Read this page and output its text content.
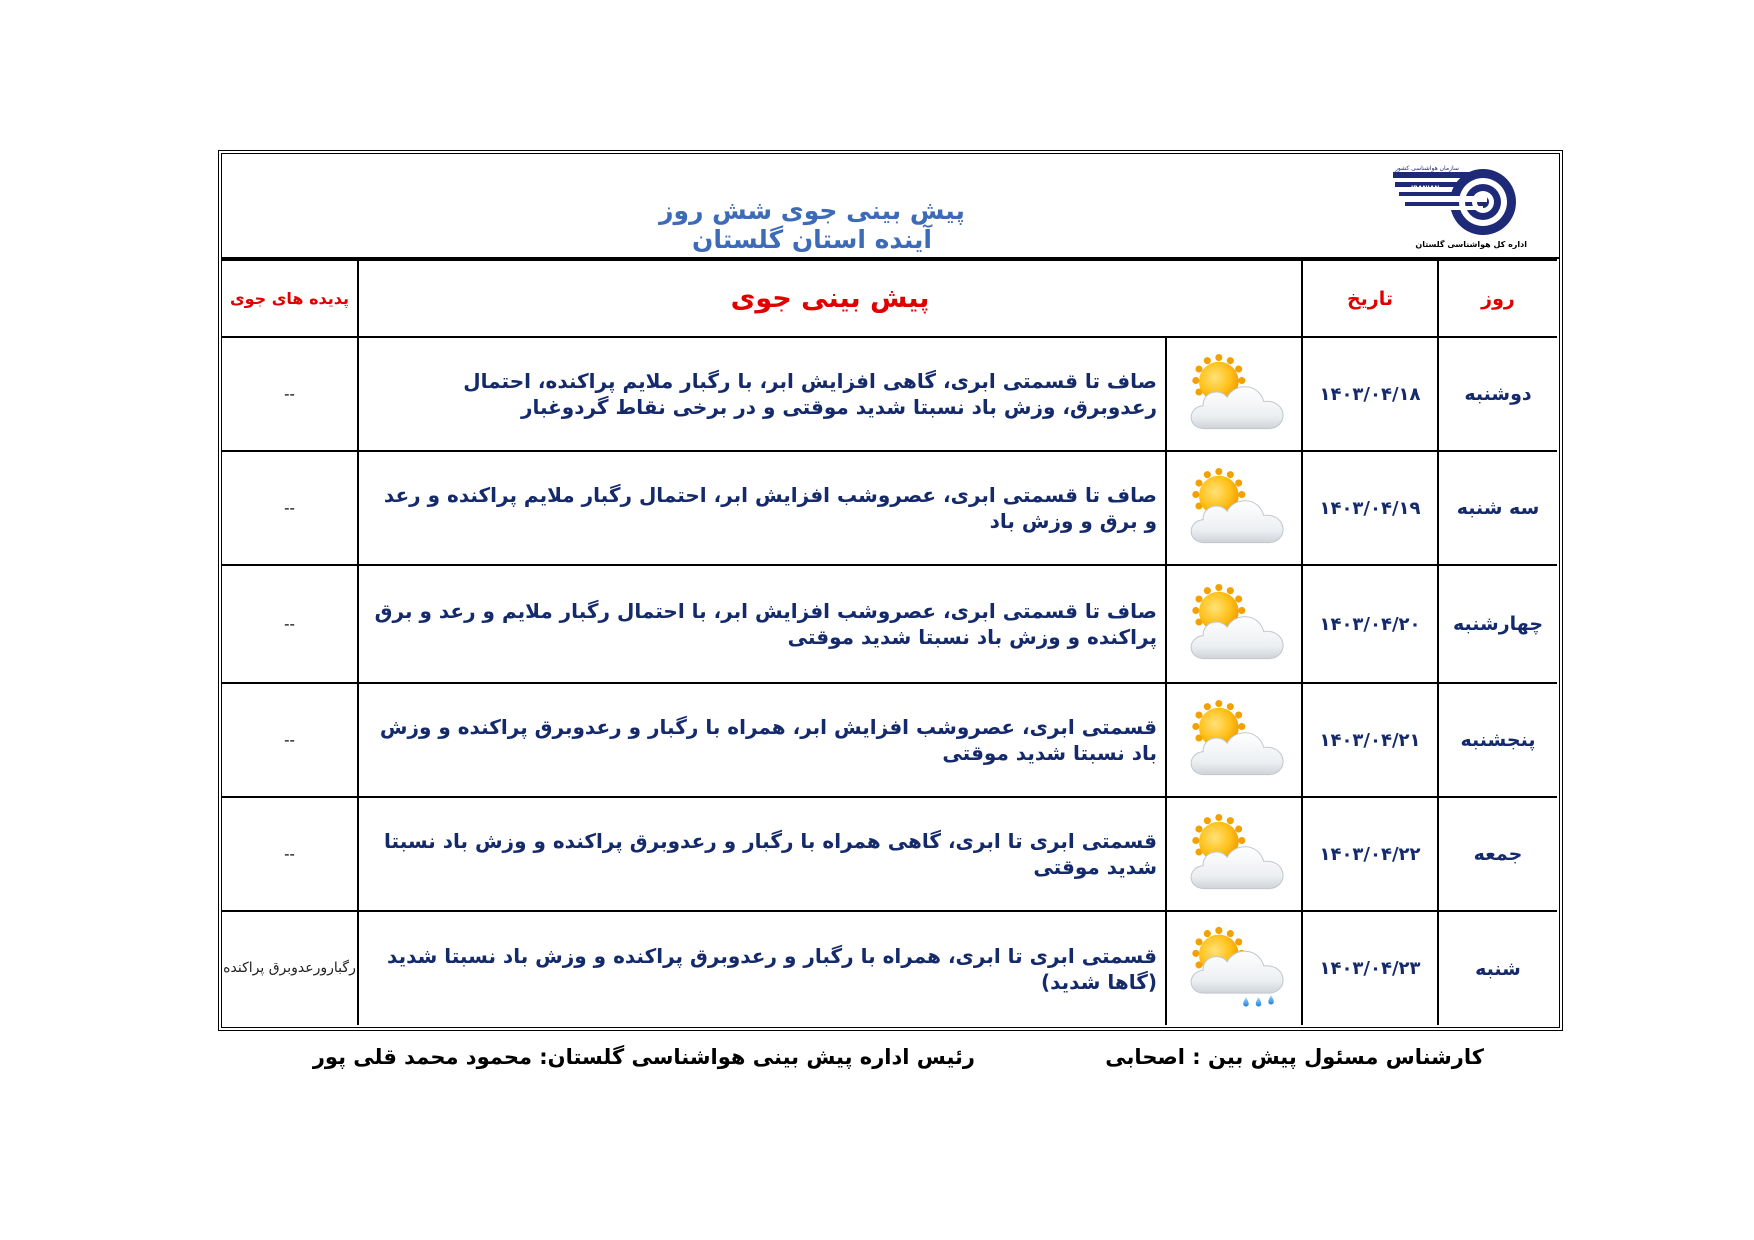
پیش بینی جوی شش روز آینده استان گلستان
سازمان هواشناسی کشور
IRANIAN
METEOROLOGICAL
ORGANIZATION
اداره کل هواشناسی گلستان
پدیده های جوی	پیش بینی جوی		تاریخ	روز
--	صاف تا قسمتی ابری، گاهی افزایش ابر، با رگبار ملایم پراکنده، احتمال رعدوبرق، وزش باد نسبتا شدید موقتی و در برخی نقاط گردوغبار		۱۴۰۳/۰۴/۱۸	دوشنبه
--	صاف تا قسمتی ابری، عصروشب افزایش ابر، احتمال رگبار ملایم پراکنده و رعد و برق و وزش باد		۱۴۰۳/۰۴/۱۹	سه شنبه
--	صاف تا قسمتی ابری، عصروشب افزایش ابر، با احتمال رگبار ملایم و رعد و برق پراکنده و وزش باد نسبتا شدید موقتی		۱۴۰۳/۰۴/۲۰	چهارشنبه
--	قسمتی ابری، عصروشب افزایش ابر، همراه با رگبار و رعدوبرق پراکنده و وزش باد نسبتا شدید موقتی		۱۴۰۳/۰۴/۲۱	پنجشنبه
--	قسمتی ابری تا ابری، گاهی همراه با رگبار و رعدوبرق پراکنده و وزش باد نسبتا شدید موقتی		۱۴۰۳/۰۴/۲۲	جمعه
رگبارورعدوبرق پراکنده	قسمتی ابری تا ابری، همراه با رگبار و رعدوبرق پراکنده و وزش باد نسبتا شدید (گاها شدید)		۱۴۰۳/۰۴/۲۳	شنبه
کارشناس مسئول پیش بین : اصحابی
رئیس اداره پیش بینی هواشناسی گلستان: محمود محمد قلی پور
